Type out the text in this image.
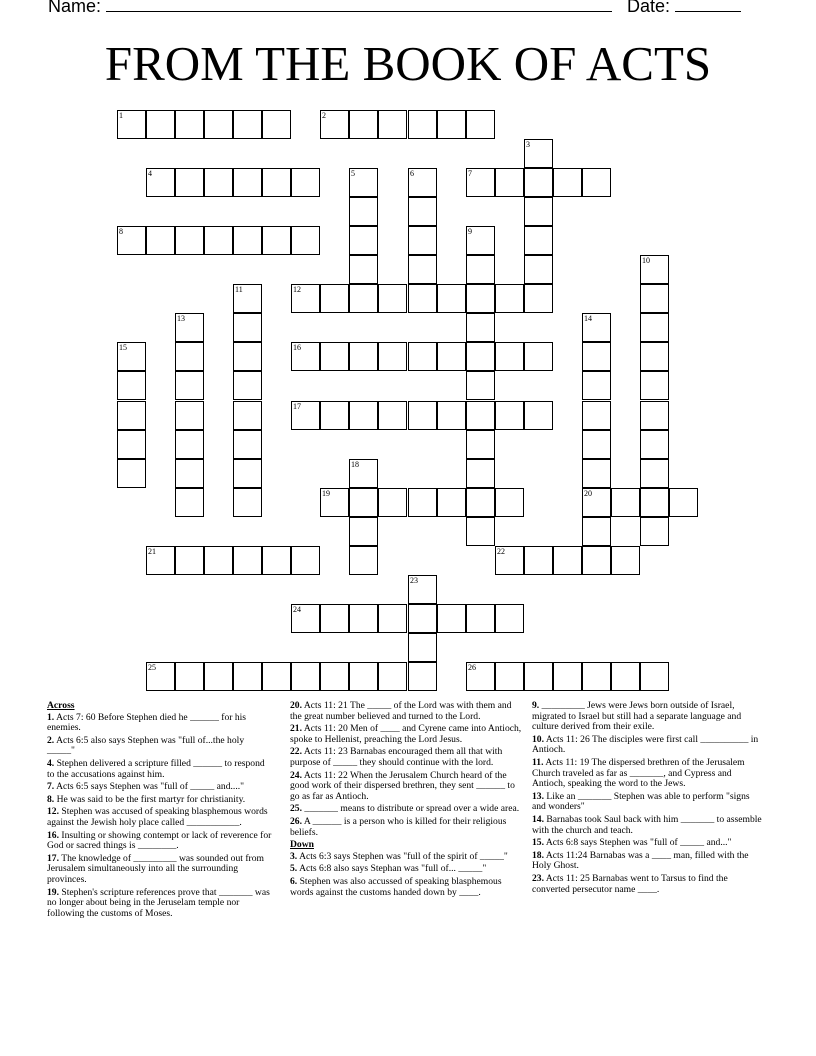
Name:	Date:
FROM THE BOOK OF ACTS
1	2
3
4	5	6	7
8	9
10
11	12
13	14
15	16
17
18
19	20
21	22
23
24
25	26
Across
1. Acts 7: 60 Before Stephen died he ______ for his enemies.
2. Acts 6:5 also says Stephen was "full of...the holy _____"
4. Stephen delivered a scripture filled ______ to respond to the accusations against him.
7. Acts 6:5 says Stephen was "full of _____ and...."
8. He was said to be the first martyr for christianity.
12. Stephen was accused of speaking blasphemous words against the Jewish holy place called ___________.
16. Insulting or showing contempt or lack of reverence for God or sacred things is ________.
17. The knowledge of _________ was sounded out from Jerusalem simultaneously into all the surrounding provinces.
19. Stephen's scripture references prove that _______ was no longer about being in the Jeruselam temple nor following the customs of Moses.
20. Acts 11: 21 The _____ of the Lord was with them and the great number believed and turned to the Lord.
21. Acts 11: 20 Men of ____ and Cyrene came into Antioch, spoke to Hellenist, preaching the Lord Jesus.
22. Acts 11: 23 Barnabas encouraged them all that with purpose of _____ they should continue with the lord.
24. Acts 11: 22 When the Jerusalem Church heard of the good work of their dispersed brethren, they sent ______ to go as far as Antioch.
25. _______ means to distribute or spread over a wide area.
26. A ______ is a person who is killed for their religious beliefs.
Down
3. Acts 6:3 says Stephen was "full of the spirit of _____"
5. Acts 6:8 also says Stephan was "full of... _____"
6. Stephen was also accussed of speaking blasphemous words against the customs handed down by ____.
9. _________ Jews were Jews born outside of Israel, migrated to Israel but still had a separate language and culture derived from their exile.
10. Acts 11: 26 The disciples were first call __________ in Antioch.
11. Acts 11: 19 The dispersed brethren of the Jerusalem Church traveled as far as _______, and Cypress and Antioch, speaking the word to the Jews.
13. Like an _______ Stephen was able to perform "signs and wonders"
14. Barnabas took Saul back with him _______ to assemble with the church and teach.
15. Acts 6:8 says Stephen was "full of _____ and..."
18. Acts 11:24 Barnabas was a ____ man, filled with the Holy Ghost.
23. Acts 11: 25 Barnabas went to Tarsus to find the converted persecutor name ____.
